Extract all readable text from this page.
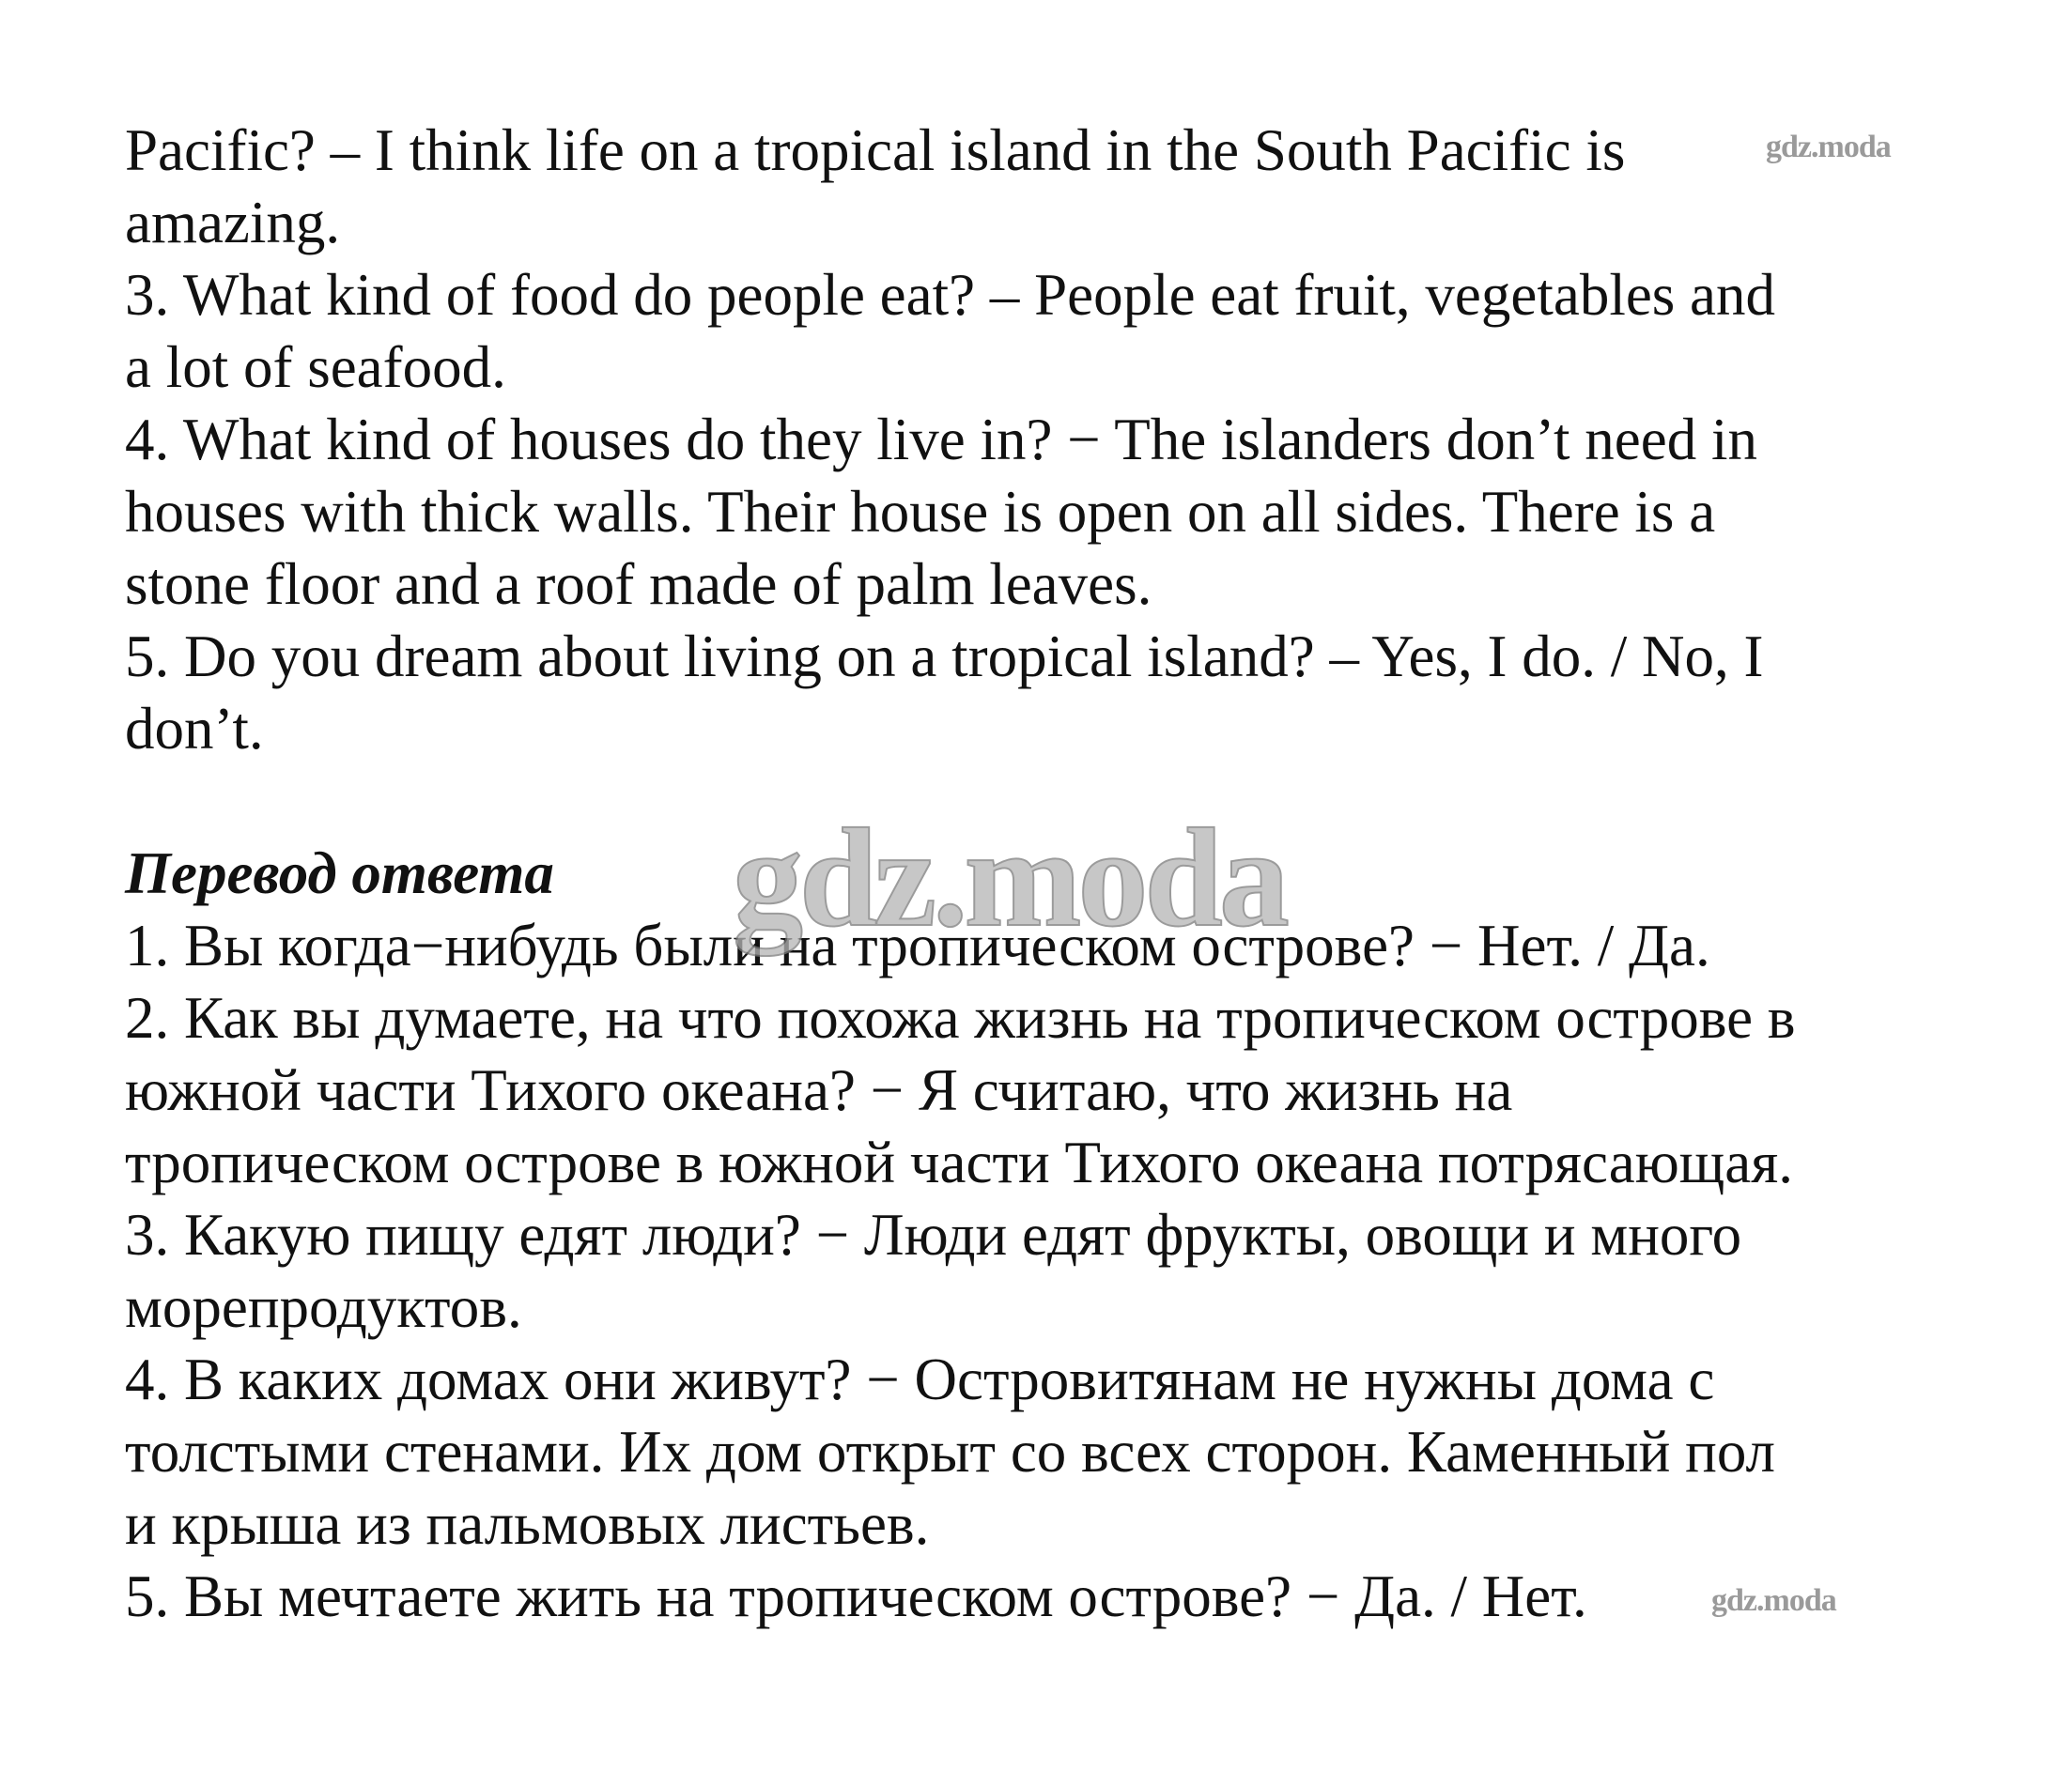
Pacific? – I think life on a tropical island in the South Pacific is
amazing.
3. What kind of food do people eat? – People eat fruit, vegetables and
a lot of seafood.
4. What kind of houses do they live in? − The islanders don’t need in
houses with thick walls. Their house is open on all sides. There is a
stone floor and a roof made of palm leaves.
5. Do you dream about living on a tropical island? – Yes, I do. / No, I
don’t.
Перевод ответа
1. Вы когда−нибудь были на тропическом острове? − Нет. / Да.
2. Как вы думаете, на что похожа жизнь на тропическом острове в
южной части Тихого океана? − Я считаю, что жизнь на
тропическом острове в южной части Тихого океана потрясающая.
3. Какую пищу едят люди? − Люди едят фрукты, овощи и много
морепродуктов.
4. В каких домах они живут? − Островитянам не нужны дома с
толстыми стенами. Их дом открыт со всех сторон. Каменный пол
и крыша из пальмовых листьев.
5. Вы мечтаете жить на тропическом острове? − Да. / Нет.
gdz.moda
gdz.moda
gdz.moda
